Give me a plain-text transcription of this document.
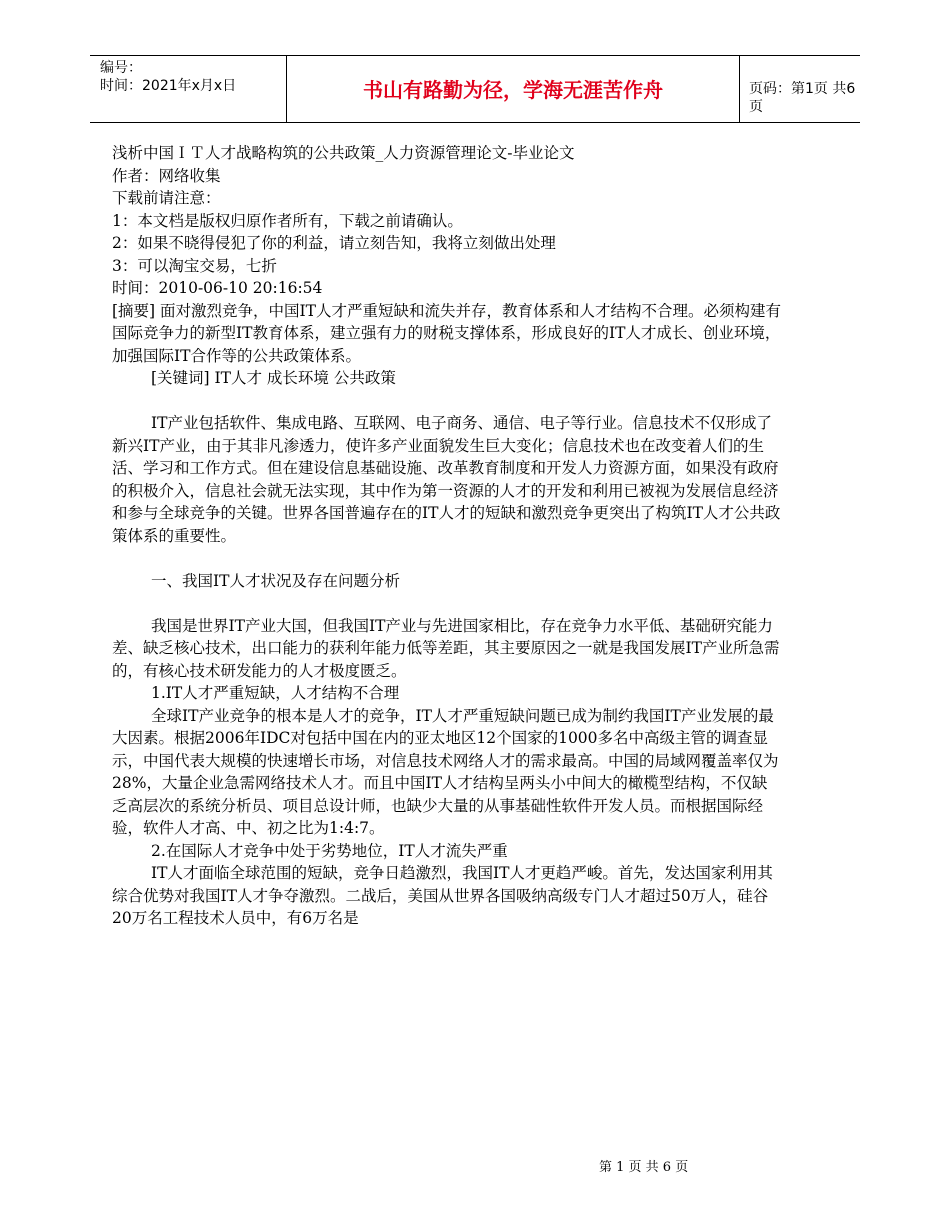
编号：
时间：2021年x月x日	书山有路勤为径，学海无涯苦作舟	页码：第1页 共6页

浅析中国ＩＴ人才战略构筑的公共政策_人力资源管理论文-毕业论文

作者：网络收集

下载前请注意：

1：本文档是版权归原作者所有，下载之前请确认。

2：如果不晓得侵犯了你的利益，请立刻告知，我将立刻做出处理

3：可以淘宝交易，七折

时间：2010-06-10 20:16:54

[摘要] 面对激烈竞争，中国IT人才严重短缺和流失并存，教育体系和人才结构不合理。必须构建有国际竞争力的新型IT教育体系，建立强有力的财税支撑体系，形成良好的IT人才成长、创业环境，加强国际IT合作等的公共政策体系。

[关键词] IT人才 成长环境 公共政策

IT产业包括软件、集成电路、互联网、电子商务、通信、电子等行业。信息技术不仅形成了新兴IT产业，由于其非凡渗透力，使许多产业面貌发生巨大变化；信息技术也在改变着人们的生活、学习和工作方式。但在建设信息基础设施、改革教育制度和开发人力资源方面，如果没有政府的积极介入，信息社会就无法实现，其中作为第一资源的人才的开发和利用已被视为发展信息经济和参与全球竞争的关键。世界各国普遍存在的IT人才的短缺和激烈竞争更突出了构筑IT人才公共政策体系的重要性。

一、我国IT人才状况及存在问题分析

我国是世界IT产业大国，但我国IT产业与先进国家相比，存在竞争力水平低、基础研究能力差、缺乏核心技术，出口能力的获利年能力低等差距，其主要原因之一就是我国发展IT产业所急需的，有核心技术研发能力的人才极度匮乏。

1.IT人才严重短缺，人才结构不合理

全球IT产业竞争的根本是人才的竞争，IT人才严重短缺问题已成为制约我国IT产业发展的最大因素。根据2006年IDC对包括中国在内的亚太地区12个国家的1000多名中高级主管的调查显示，中国代表大规模的快速增长市场，对信息技术网络人才的需求最高。中国的局域网覆盖率仅为28%，大量企业急需网络技术人才。而且中国IT人才结构呈两头小中间大的橄榄型结构，不仅缺乏高层次的系统分析员、项目总设计师，也缺少大量的从事基础性软件开发人员。而根据国际经验，软件人才高、中、初之比为1:4:7。

2.在国际人才竞争中处于劣势地位，IT人才流失严重

IT人才面临全球范围的短缺，竞争日趋激烈，我国IT人才更趋严峻。首先，发达国家利用其综合优势对我国IT人才争夺激烈。二战后，美国从世界各国吸纳高级专门人才超过50万人，硅谷20万名工程技术人员中，有6万名是

第 1 页 共 6 页
